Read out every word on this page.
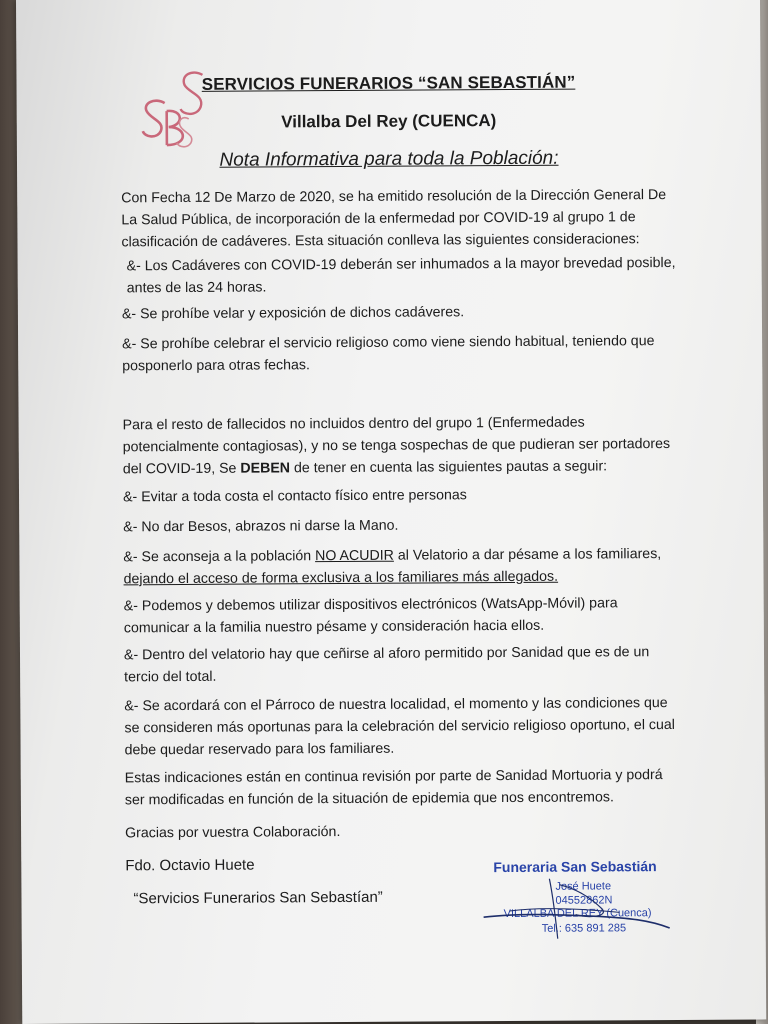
SERVICIOS FUNERARIOS “SAN SEBASTIÁN”
Villalba Del Rey (CUENCA)
Nota Informativa para toda la Población:

Con Fecha 12 De Marzo de 2020, se ha emitido resolución de la Dirección General De La Salud Pública, de incorporación de la enfermedad por COVID-19 al grupo 1 de clasificación de cadáveres. Esta situación conlleva las siguientes consideraciones:

&- Los Cadáveres con COVID-19 deberán ser inhumados a la mayor brevedad posible, antes de las 24 horas.

&- Se prohíbe velar y exposición de dichos cadáveres.

&- Se prohíbe celebrar el servicio religioso como viene siendo habitual, teniendo que posponerlo para otras fechas.

Para el resto de fallecidos no incluidos dentro del grupo 1 (Enfermedades potencialmente contagiosas), y no se tenga sospechas de que pudieran ser portadores del COVID-19, Se DEBEN de tener en cuenta las siguientes pautas a seguir:

&- Evitar a toda costa el contacto físico entre personas

&- No dar Besos, abrazos ni darse la Mano.

&- Se aconseja a la población NO ACUDIR al Velatorio a dar pésame a los familiares, dejando el acceso de forma exclusiva a los familiares más allegados.

&- Podemos y debemos utilizar dispositivos electrónicos (WatsApp-Móvil) para comunicar a la familia nuestro pésame y consideración hacia ellos.

&- Dentro del velatorio hay que ceñirse al aforo permitido por Sanidad que es de un tercio del total.

&- Se acordará con el Párroco de nuestra localidad, el momento y las condiciones que se consideren más oportunas para la celebración del servicio religioso oportuno, el cual debe quedar reservado para los familiares.

Estas indicaciones están en continua revisión por parte de Sanidad Mortuoria y podrá ser modificadas en función de la situación de epidemia que nos encontremos.

Gracias por vuestra Colaboración.

Fdo. Octavio Huete
“Servicios Funerarios San Sebastían”
Funeraria San Sebastián
José Huete
04552862N
VILLALBA DEL REY (Cuenca)
Tel.: 635 891 285
